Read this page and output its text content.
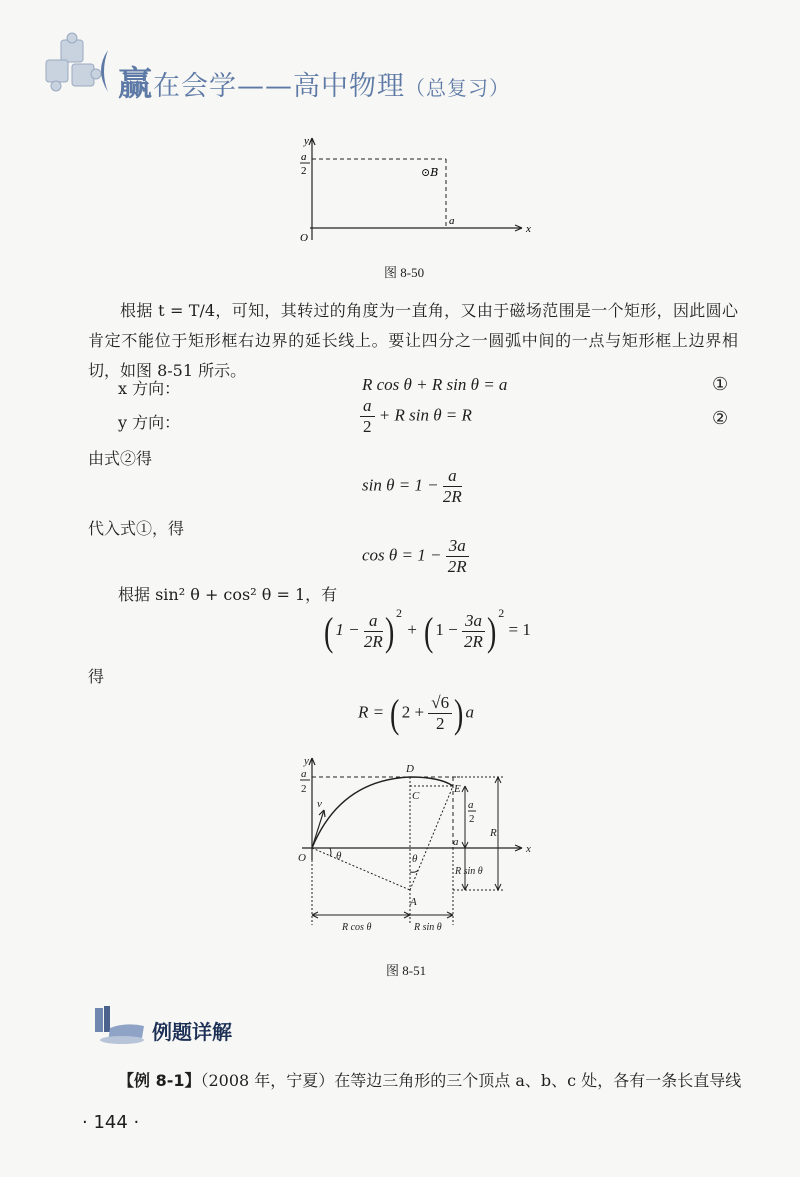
赢在会学——高中物理（总复习）
y
x
O
a
2	⊙B
a
图 8-50
根据 t = T/4，可知，其转过的角度为一直角，又由于磁场范围是一个矩形，因此圆心肯定不能位于矩形框右边界的延长线上。要让四分之一圆弧中间的一点与矩形框上边界相切，如图 8-51 所示。
x 方向：	R cos θ + R sin θ = a	①
y 方向：	$\frac{a}{2} + R$ sin θ = R	②
由式②得
$\sin \theta = 1 - \frac{a}{2R}$
代入式①，得
$\cos \theta = 1 - \frac{3a}{2R}$
根据 sin² θ + cos² θ = 1，有
( $1 - \frac{a}{2R}$ ) $^2$ + ( $1 - \frac{3a}{2R}$ ) $^2$ = 1
得
R = ( $2 + \frac{√6}{2}$ ) a
y
x
a
2
O
D
E
C
A
v
θ	θ
a
R
R sin θ
a
2
R cos θ	R sin θ
图 8-51
例题详解
【例 8-1】（2008 年，宁夏）在等边三角形的三个顶点 a、b、c 处，各有一条长直导线
· 144 ·
